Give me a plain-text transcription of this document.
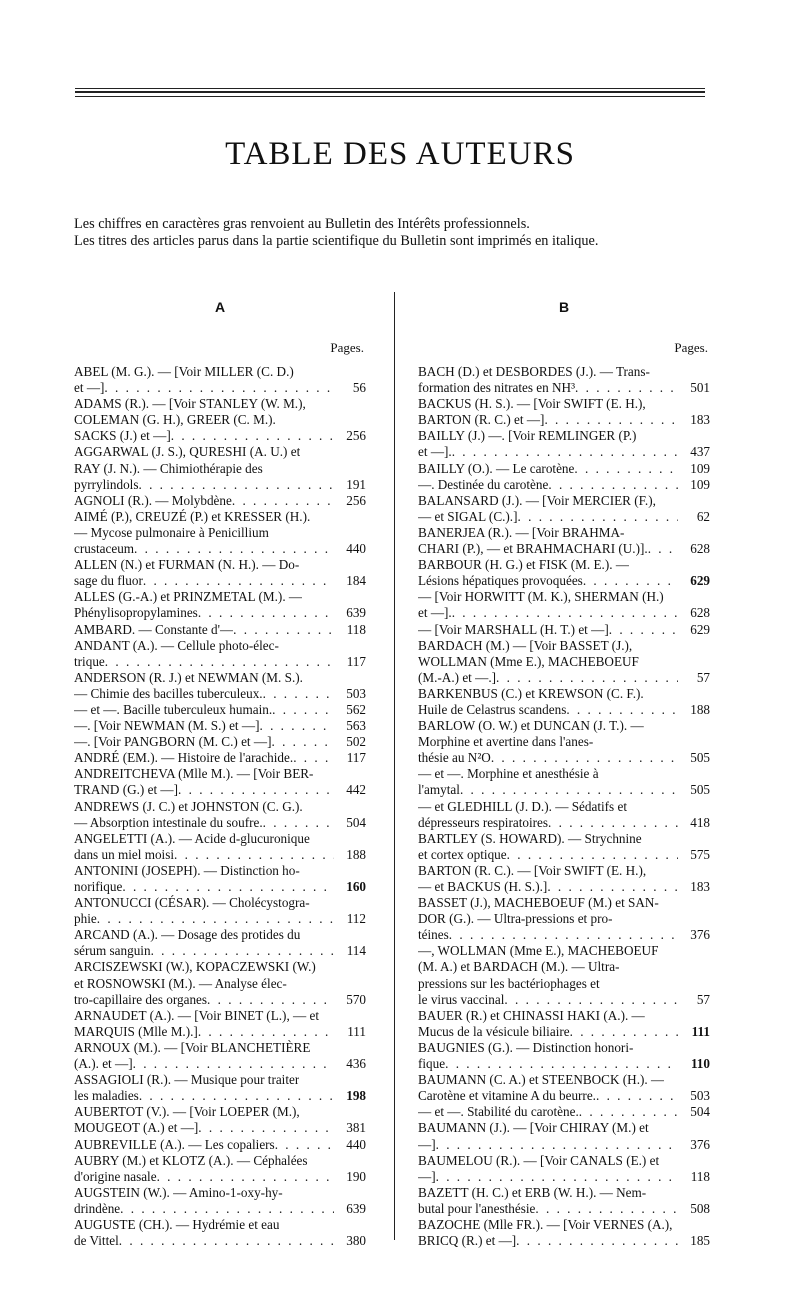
TABLE DES AUTEURS

Les chiffres en caractères gras renvoient au Bulletin des Intérêts professionnels.

Les titres des articles parus dans la partie scientifique du Bulletin sont imprimés en italique.

A
Pages.
ABEL (M. G.). — [Voir MILLER (C. D.)
et —] . . .	56
ADAMS (R.). — [Voir STANLEY (W. M.),
COLEMAN (G. H.), GREER (C. M.).
SACKS (J.) et —] . . .	256
AGGARWAL (J. S.), QURESHI (A. U.) et
RAY (J. N.). — Chimiothérapie des
pyrrylindols . . .	191
AGNOLI (R.). — Molybdène . . .	256
AIMÉ (P.), CREUZÉ (P.) et KRESSER (H.).
— Mycose pulmonaire à Penicillium
crustaceum . . .	440
ALLEN (N.) et FURMAN (N. H.). — Do-
sage du fluor . . .	184
ALLES (G.-A.) et PRINZMETAL (M.). —
Phénylisopropylamines . . .	639
AMBARD. — Constante d'— . . .	118
ANDANT (A.). — Cellule photo-élec-
trique . . .	117
ANDERSON (R. J.) et NEWMAN (M. S.).
— Chimie des bacilles tuberculeux. . . .	503
— et —. Bacille tuberculeux humain. . . .	562
—. [Voir NEWMAN (M. S.) et —] . . .	563
—. [Voir PANGBORN (M. C.) et —] . . .	502
ANDRÉ (EM.). — Histoire de l'arachide. . . .	117
ANDREITCHEVA (Mlle M.). — [Voir BER-
TRAND (G.) et —] . . .	442
ANDREWS (J. C.) et JOHNSTON (C. G.).
— Absorption intestinale du soufre. . . .	504
ANGELETTI (A.). — Acide d-glucuronique
dans un miel moisi . . .	188
ANTONINI (JOSEPH). — Distinction ho-
norifique . . .	160
ANTONUCCI (CÉSAR). — Cholécystogra-
phie . . .	112
ARCAND (A.). — Dosage des protides du
sérum sanguin . . .	114
ARCISZEWSKI (W.), KOPACZEWSKI (W.)
et ROSNOWSKI (M.). — Analyse élec-
tro-capillaire des organes . . .	570
ARNAUDET (A.). — [Voir BINET (L.), — et
MARQUIS (Mlle M.).] . . .	111
ARNOUX (M.). — [Voir BLANCHETIÈRE
(A.). et —] . . .	436
ASSAGIOLI (R.). — Musique pour traiter
les maladies . . .	198
AUBERTOT (V.). — [Voir LOEPER (M.),
MOUGEOT (A.) et —] . . .	381
AUBREVILLE (A.). — Les copaliers . . .	440
AUBRY (M.) et KLOTZ (A.). — Céphalées
d'origine nasale . . .	190
AUGSTEIN (W.). — Amino-1-oxy-hy-
drindène . . .	639
AUGUSTE (CH.). — Hydrémie et eau
de Vittel . . .	380
B
Pages.
BACH (D.) et DESBORDES (J.). — Trans-
formation des nitrates en NH³ . . .	501
BACKUS (H. S.). — [Voir SWIFT (E. H.),
BARTON (R. C.) et —] . . .	183
BAILLY (J.) —. [Voir REMLINGER (P.)
et —]. . . .	437
BAILLY (O.). — Le carotène . . .	109
—. Destinée du carotène . . .	109
BALANSARD (J.). — [Voir MERCIER (F.),
— et SIGAL (C.).] . . .	62
BANERJEA (R.). — [Voir BRAHMA-
CHARI (P.), — et BRAHMACHARI (U.)]. . . .	628
BARBOUR (H. G.) et FISK (M. E.). —
Lésions hépatiques provoquées . . .	629
— [Voir HORWITT (M. K.), SHERMAN (H.)
et —]. . . .	628
— [Voir MARSHALL (H. T.) et —] . . .	629
BARDACH (M.) — [Voir BASSET (J.),
WOLLMAN (Mme E.), MACHEBOEUF
(M.-A.) et —.] . . .	57
BARKENBUS (C.) et KREWSON (C. F.).
Huile de Celastrus scandens . . .	188
BARLOW (O. W.) et DUNCAN (J. T.). —
Morphine et avertine dans l'anes-
thésie au N²O . . .	505
— et —. Morphine et anesthésie à
l'amytal . . .	505
— et GLEDHILL (J. D.). — Sédatifs et
dépresseurs respiratoires . . .	418
BARTLEY (S. HOWARD). — Strychnine
et cortex optique . . .	575
BARTON (R. C.). — [Voir SWIFT (E. H.),
— et BACKUS (H. S.).] . . .	183
BASSET (J.), MACHEBOEUF (M.) et SAN-
DOR (G.). — Ultra-pressions et pro-
téines . . .	376
—, WOLLMAN (Mme E.), MACHEBOEUF
(M. A.) et BARDACH (M.). — Ultra-
pressions sur les bactériophages et
le virus vaccinal . . .	57
BAUER (R.) et CHINASSI HAKI (A.). —
Mucus de la vésicule biliaire . . .	111
BAUGNIES (G.). — Distinction honori-
fique . . .	110
BAUMANN (C. A.) et STEENBOCK (H.). —
Carotène et vitamine A du beurre. . . .	503
— et —. Stabilité du carotène. . . .	504
BAUMANN (J.). — [Voir CHIRAY (M.) et
—] . . .	376
BAUMELOU (R.). — [Voir CANALS (E.) et
—] . . .	118
BAZETT (H. C.) et ERB (W. H.). — Nem-
butal pour l'anesthésie . . .	508
BAZOCHE (Mlle FR.). — [Voir VERNES (A.),
BRICQ (R.) et —] . . .	185
